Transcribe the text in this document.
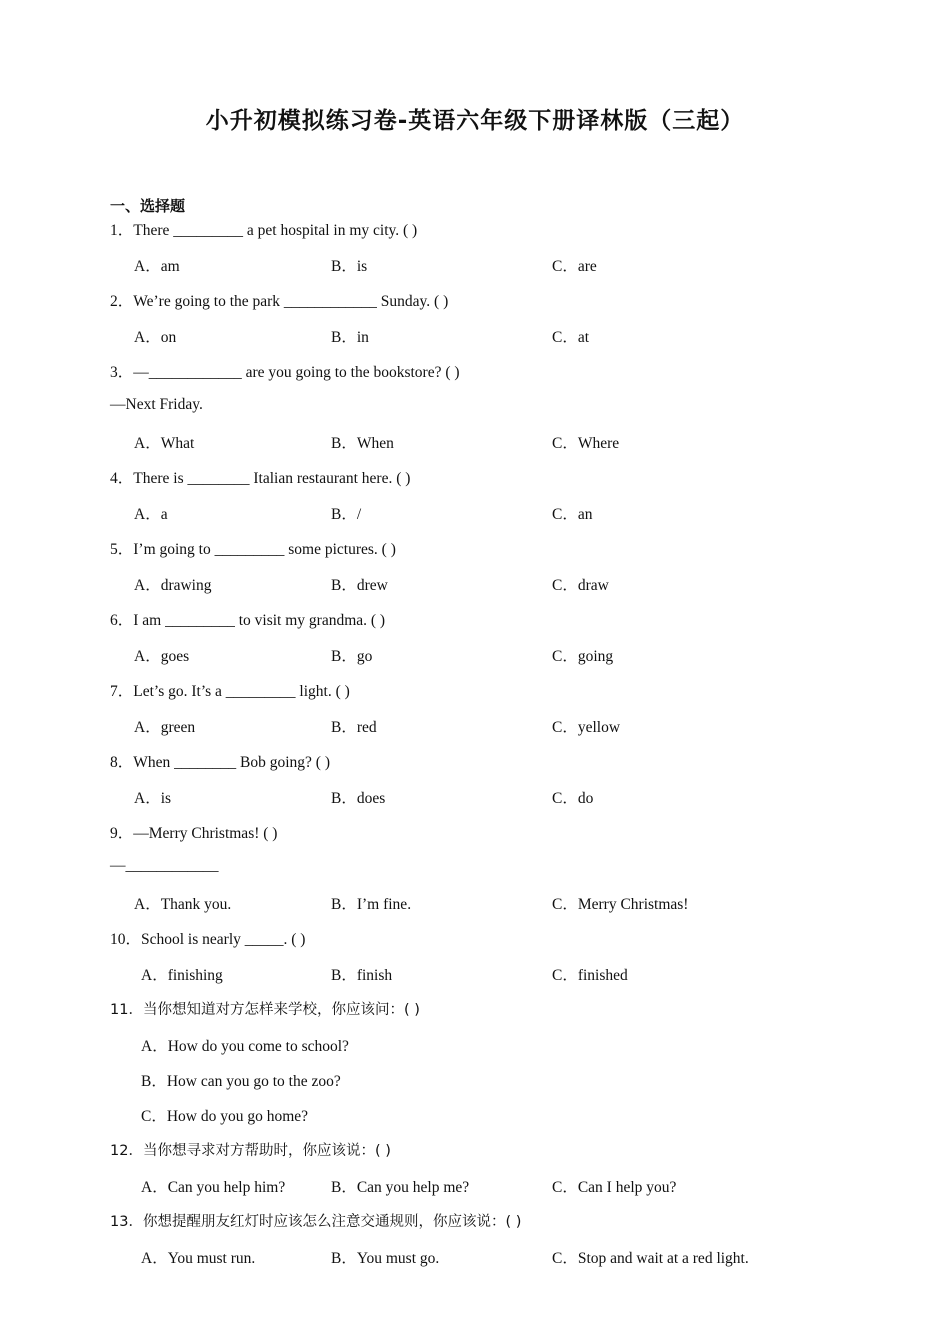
小升初模拟练习卷-英语六年级下册译林版（三起）
一、选择题
1．There _________ a pet hospital in my city. ( )
A．am	B．is	C．are
2．We’re going to the park ____________ Sunday. ( )
A．on	B．in	C．at
3．—____________ are you going to the bookstore? ( )
—Next Friday.
A．What	B．When	C．Where
4．There is ________ Italian restaurant here. ( )
A．a	B．/	C．an
5．I’m going to _________ some pictures. ( )
A．drawing	B．drew	C．draw
6．I am _________ to visit my grandma. ( )
A．goes	B．go	C．going
7．Let’s go. It’s a _________ light. ( )
A．green	B．red	C．yellow
8．When ________ Bob going? ( )
A．is	B．does	C．do
9．—Merry Christmas! ( )
—____________
A．Thank you.	B．I’m fine.	C．Merry Christmas!
10．School is nearly _____. ( )
A．finishing	B．finish	C．finished
11．当你想知道对方怎样来学校，你应该问：( )
A．How do you come to school?
B．How can you go to the zoo?
C．How do you go home?
12．当你想寻求对方帮助时，你应该说：( )
A．Can you help him?	B．Can you help me?	C．Can I help you?
13．你想提醒朋友红灯时应该怎么注意交通规则，你应该说：( )
A．You must run.	B．You must go.	C．Stop and wait at a red light.
